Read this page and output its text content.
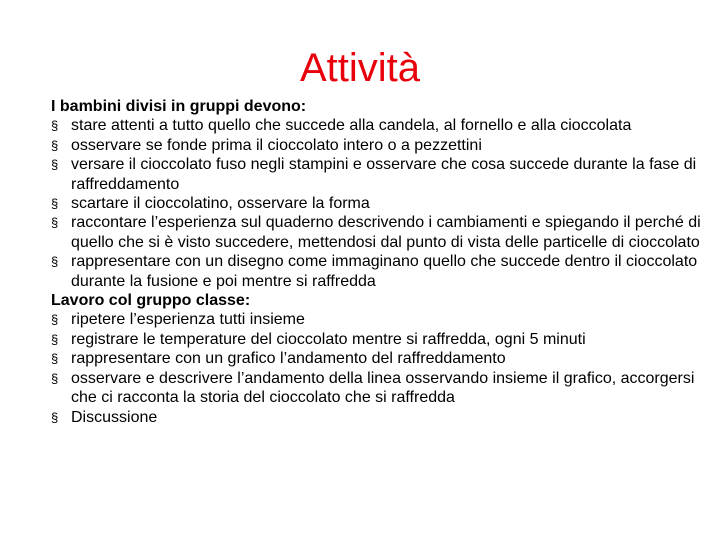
Attività

I bambini divisi in gruppi devono:

§ stare attenti a tutto quello che succede alla candela, al fornello e alla cioccolata
§ osservare se fonde prima il cioccolato intero o a pezzettini
§ versare il cioccolato fuso negli stampini e osservare che cosa succede durante la fase di raffreddamento
§ scartare il cioccolatino, osservare la forma
§ raccontare l’esperienza sul quaderno descrivendo i cambiamenti e spiegando il perché di quello che si è visto succedere, mettendosi dal punto di vista delle particelle di cioccolato
§ rappresentare con un disegno come immaginano quello che succede dentro il cioccolato durante la fusione e poi mentre si raffredda

Lavoro col gruppo classe:

§ ripetere l’esperienza tutti insieme
§ registrare le temperature del cioccolato mentre si raffredda, ogni 5 minuti
§ rappresentare con un grafico l’andamento del raffreddamento
§ osservare e descrivere l’andamento della linea osservando insieme il grafico, accorgersi che ci racconta la storia del cioccolato che si raffredda
§ Discussione
